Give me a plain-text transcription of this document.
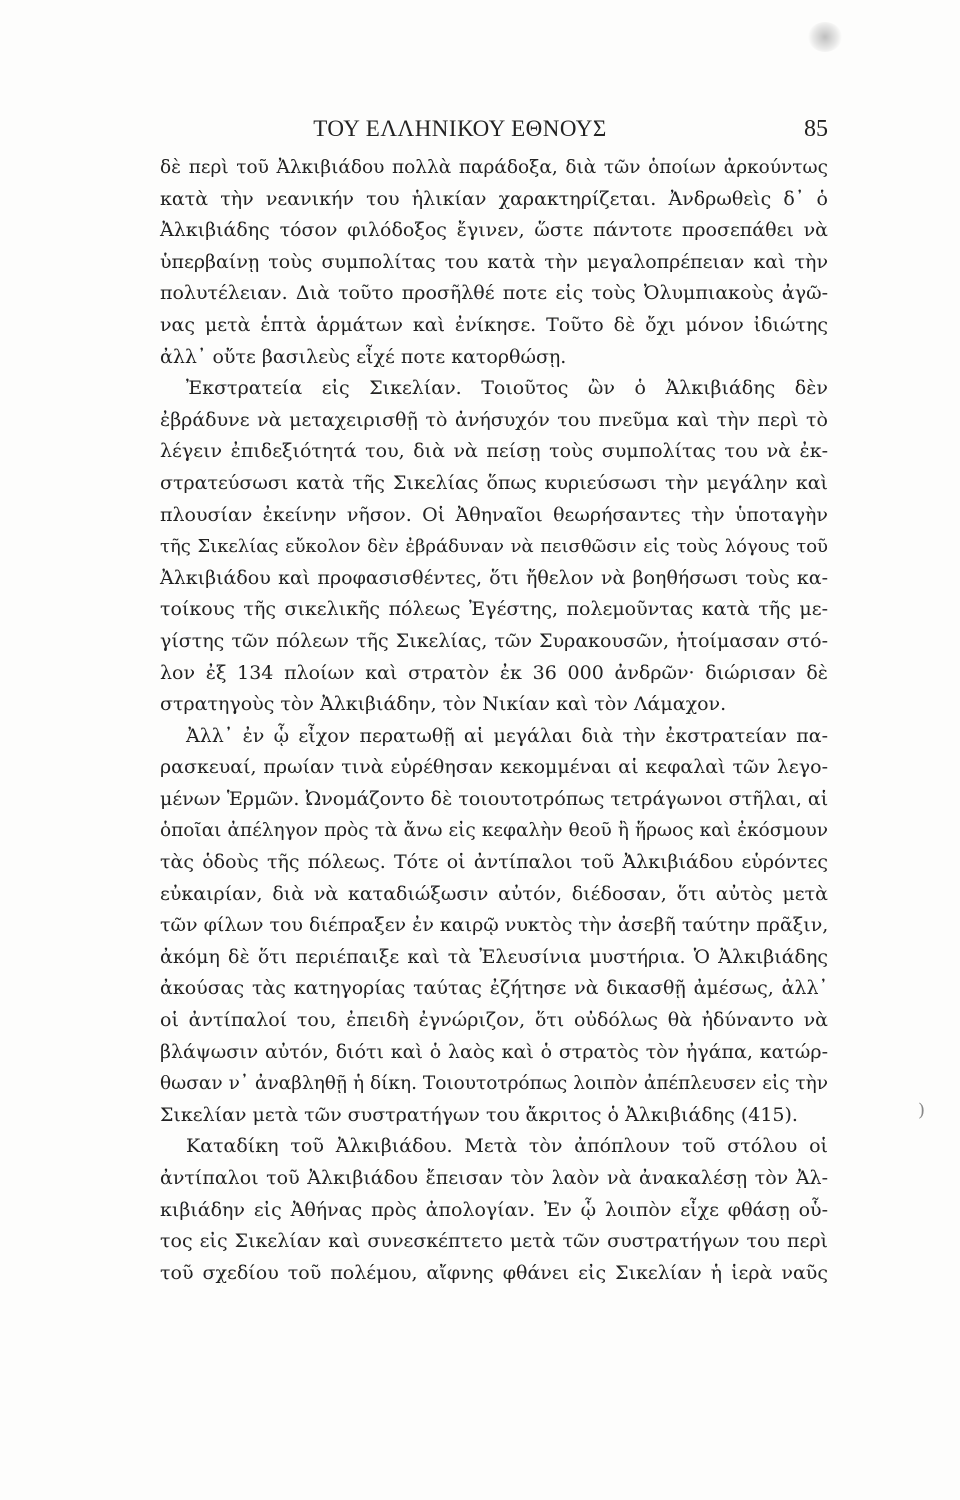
ΤΟΥ ΕΛΛΗΝΙΚΟΥ ΕΘΝΟΥΣ	85
δὲ περὶ τοῦ Ἀλκιβιάδου πολλὰ παράδοξα, διὰ τῶν ὁποίων ἀρκούντως
κατὰ τὴν νεανικήν του ἡλικίαν χαρακτηρίζεται. Ἀνδρωθεὶς δ᾽ ὁ
Ἀλκιβιάδης τόσον φιλόδοξος ἔγινεν, ὥστε πάντοτε προσεπάθει νὰ
ὑπερβαίνῃ τοὺς συμπολίτας του κατὰ τὴν μεγαλοπρέπειαν καὶ τὴν
πολυτέλειαν. Διὰ τοῦτο προσῆλθέ ποτε εἰς τοὺς Ὀλυμπιακοὺς ἀγῶ-
νας μετὰ ἑπτὰ ἁρμάτων καὶ ἐνίκησε. Τοῦτο δὲ ὄχι μόνον ἰδιώτης
ἀλλ᾽ οὔτε βασιλεὺς εἶχέ ποτε κατορθώσῃ.
Ἐκστρατεία εἰς Σικελίαν. Τοιοῦτος ὢν ὁ Ἀλκιβιάδης δὲν
ἐβράδυνε νὰ μεταχειρισθῇ τὸ ἀνήσυχόν του πνεῦμα καὶ τὴν περὶ τὸ
λέγειν ἐπιδεξιότητά του, διὰ νὰ πείσῃ τοὺς συμπολίτας του νὰ ἐκ-
στρατεύσωσι κατὰ τῆς Σικελίας ὅπως κυριεύσωσι τὴν μεγάλην καὶ
πλουσίαν ἐκείνην νῆσον. Οἱ Ἀθηναῖοι θεωρήσαντες τὴν ὑποταγὴν
τῆς Σικελίας εὔκολον δὲν ἐβράδυναν νὰ πεισθῶσιν εἰς τοὺς λόγους τοῦ
Ἀλκιβιάδου καὶ προφασισθέντες, ὅτι ἤθελον νὰ βοηθήσωσι τοὺς κα-
τοίκους τῆς σικελικῆς πόλεως Ἐγέστης, πολεμοῦντας κατὰ τῆς με-
γίστης τῶν πόλεων τῆς Σικελίας, τῶν Συρακουσῶν, ἡτοίμασαν στό-
λον ἐξ 134 πλοίων καὶ στρατὸν ἐκ 36 000 ἀνδρῶν· διώρισαν δὲ
στρατηγοὺς τὸν Ἀλκιβιάδην, τὸν Νικίαν καὶ τὸν Λάμαχον.
Ἀλλ᾽ ἐν ᾧ εἶχον περατωθῇ αἱ μεγάλαι διὰ τὴν ἐκστρατείαν πα-
ρασκευαί, πρωίαν τινὰ εὑρέθησαν κεκομμέναι αἱ κεφαλαὶ τῶν λεγο-
μένων Ἑρμῶν. Ὠνομάζοντο δὲ τοιουτοτρόπως τετράγωνοι στῆλαι, αἱ
ὁποῖαι ἀπέληγον πρὸς τὰ ἄνω εἰς κεφαλὴν θεοῦ ἢ ἥρωος καὶ ἐκόσμουν
τὰς ὁδοὺς τῆς πόλεως. Τότε οἱ ἀντίπαλοι τοῦ Ἀλκιβιάδου εὑρόντες
εὐκαιρίαν, διὰ νὰ καταδιώξωσιν αὐτόν, διέδοσαν, ὅτι αὐτὸς μετὰ
τῶν φίλων του διέπραξεν ἐν καιρῷ νυκτὸς τὴν ἀσεβῆ ταύτην πρᾶξιν,
ἀκόμη δὲ ὅτι περιέπαιξε καὶ τὰ Ἐλευσίνια μυστήρια. Ὁ Ἀλκιβιάδης
ἀκούσας τὰς κατηγορίας ταύτας ἐζήτησε νὰ δικασθῇ ἀμέσως, ἀλλ᾽
οἱ ἀντίπαλοί του, ἐπειδὴ ἐγνώριζον, ὅτι οὐδόλως θὰ ἠδύναντο νὰ
βλάψωσιν αὐτόν, διότι καὶ ὁ λαὸς καὶ ὁ στρατὸς τὸν ἠγάπα, κατώρ-
θωσαν ν᾽ ἀναβληθῇ ἡ δίκη. Τοιουτοτρόπως λοιπὸν ἀπέπλευσεν εἰς τὴν
Σικελίαν μετὰ τῶν συστρατήγων του ἄκριτος ὁ Ἀλκιβιάδης (415).
Καταδίκη τοῦ Ἀλκιβιάδου. Μετὰ τὸν ἀπόπλουν τοῦ στόλου οἱ
ἀντίπαλοι τοῦ Ἀλκιβιάδου ἔπεισαν τὸν λαὸν νὰ ἀνακαλέσῃ τὸν Ἀλ-
κιβιάδην εἰς Ἀθήνας πρὸς ἀπολογίαν. Ἐν ᾧ λοιπὸν εἶχε φθάσῃ οὗ-
τος εἰς Σικελίαν καὶ συνεσκέπτετο μετὰ τῶν συστρατήγων του περὶ
τοῦ σχεδίου τοῦ πολέμου, αἴφνης φθάνει εἰς Σικελίαν ἡ ἱερὰ ναῦς
)
